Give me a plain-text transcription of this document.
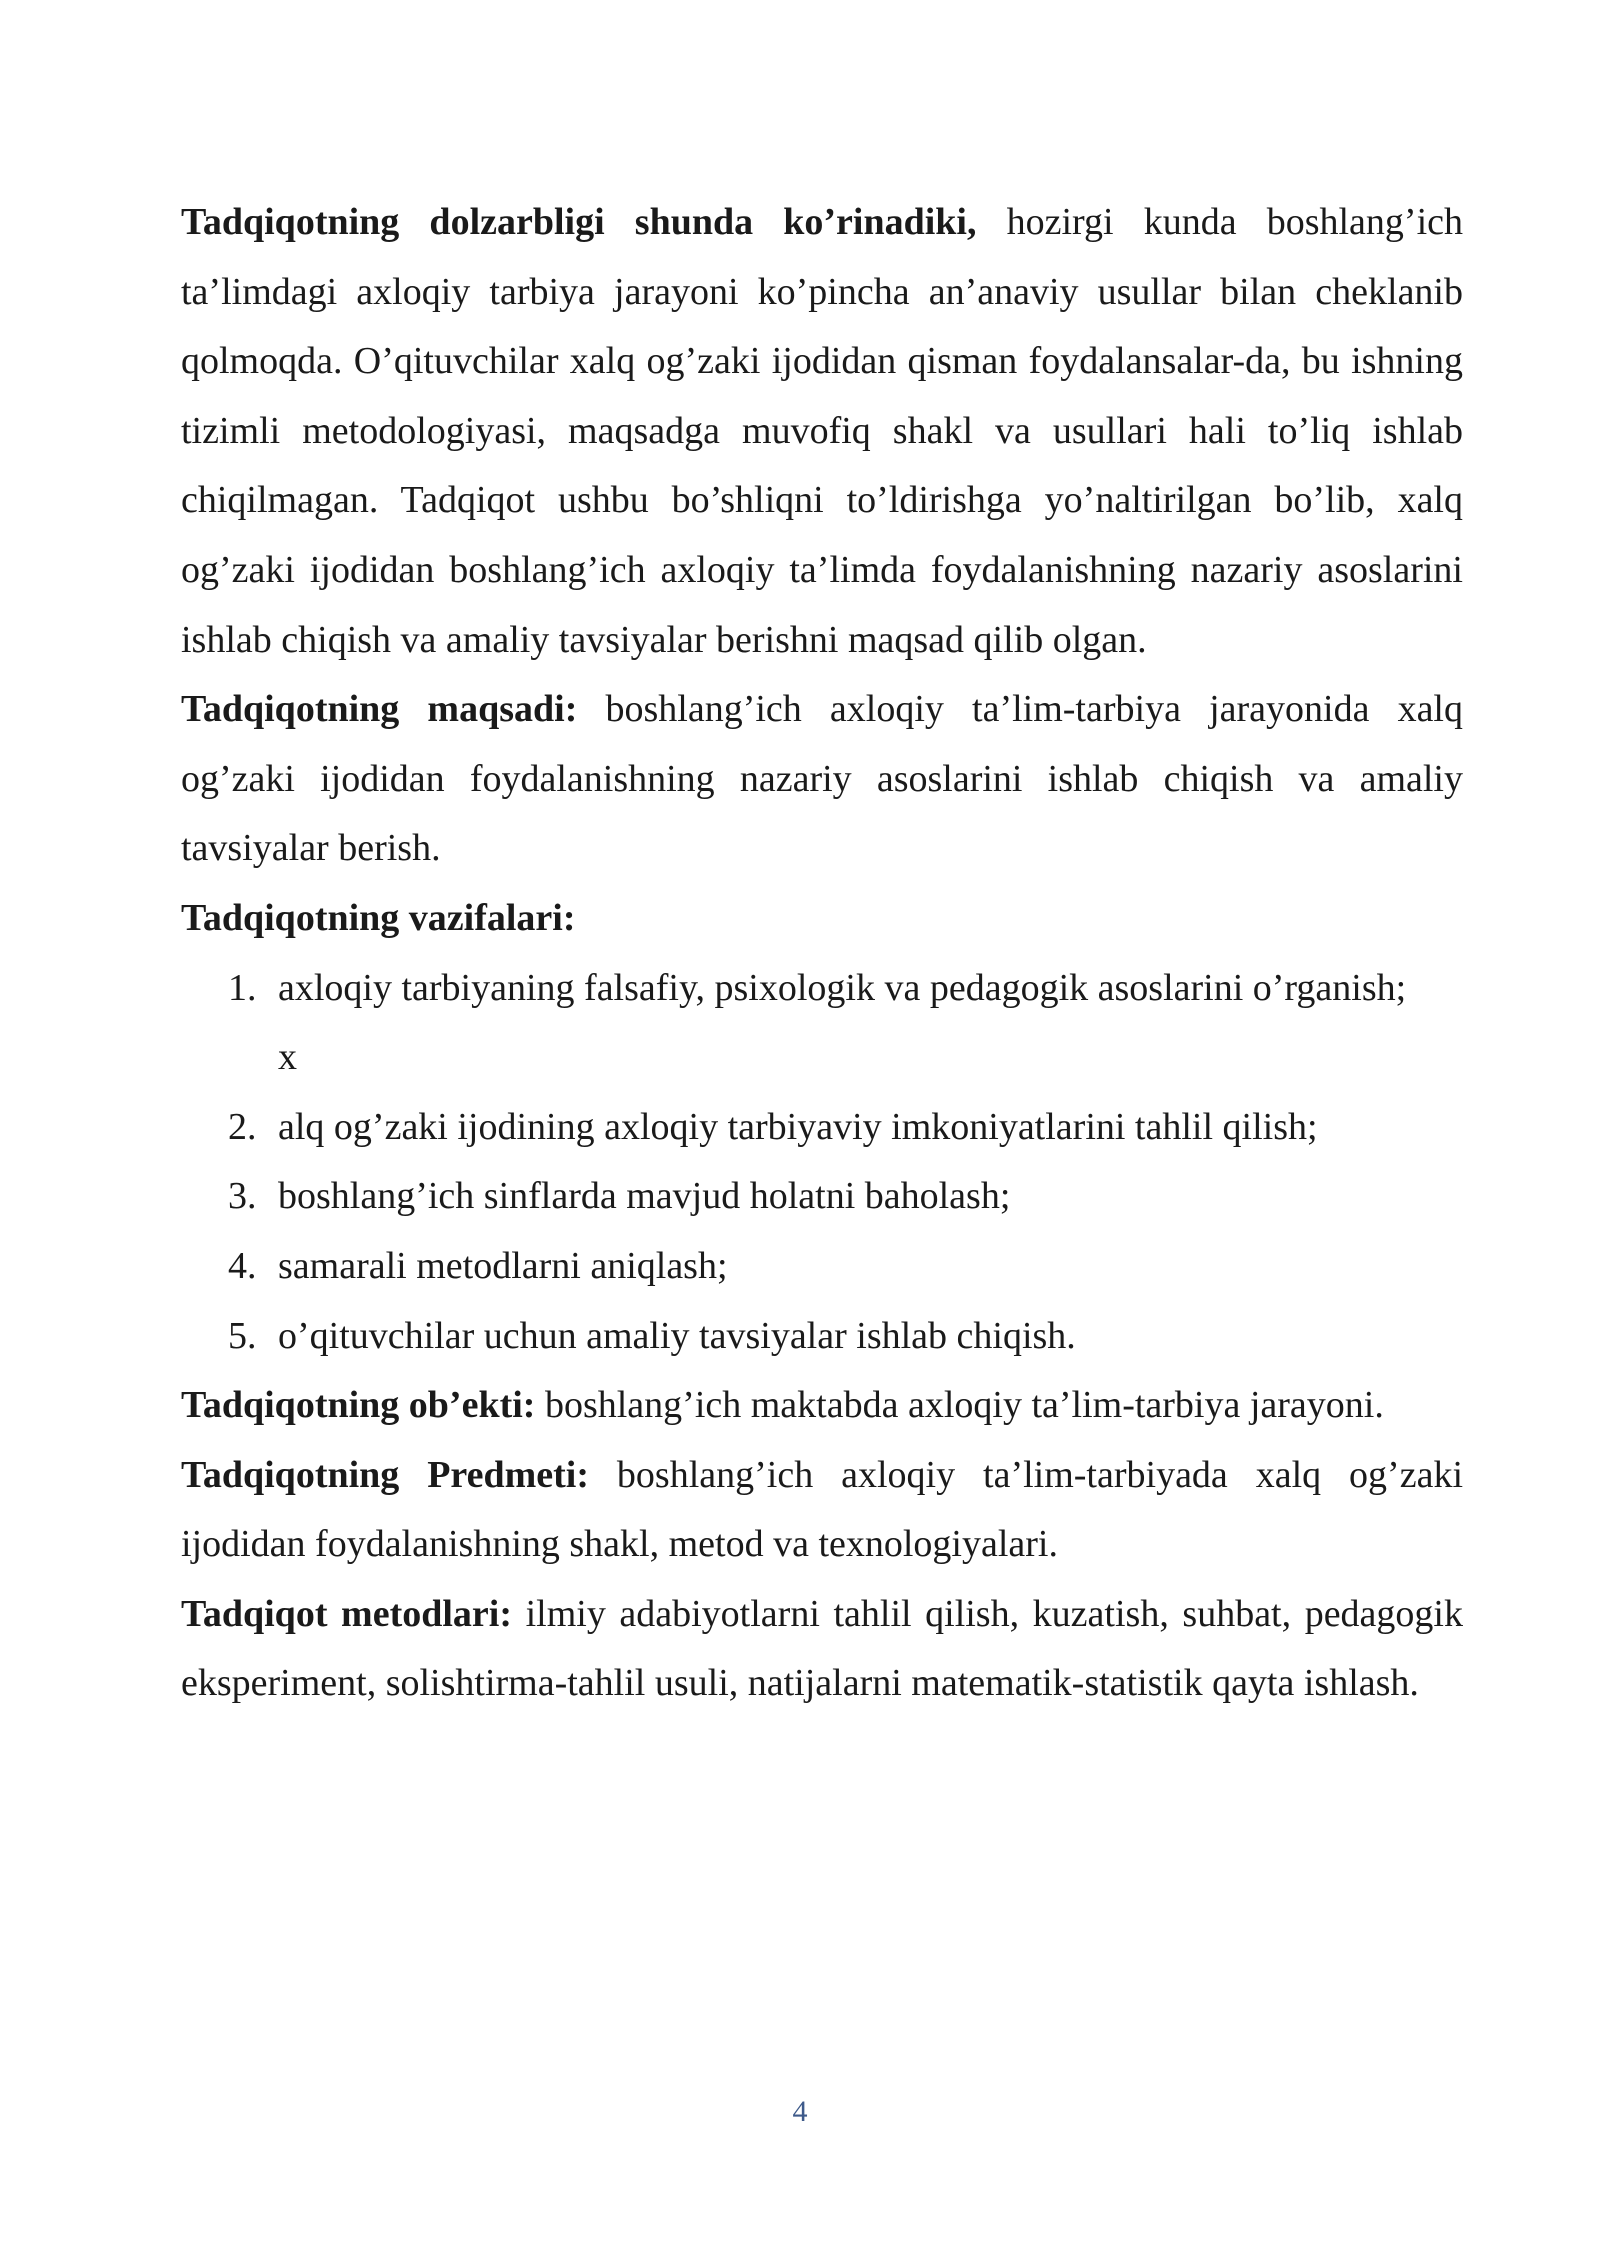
Tadqiqotning dolzarbligi shunda ko’rinadiki, hozirgi kunda boshlang’ich ta’limdagi axloqiy tarbiya jarayoni ko’pincha an’anaviy usullar bilan cheklanib qolmoqda. O’qituvchilar xalq og’zaki ijodidan qisman foydalansalar-da, bu ishning tizimli metodologiyasi, maqsadga muvofiq shakl va usullari hali to’liq ishlab chiqilmagan. Tadqiqot ushbu bo’shliqni to’ldirishga yo’naltirilgan bo’lib, xalq og’zaki ijodidan boshlang’ich axloqiy ta’limda foydalanishning nazariy asoslarini ishlab chiqish va amaliy tavsiyalar berishni maqsad qilib olgan.

Tadqiqotning maqsadi: boshlang’ich axloqiy ta’lim-tarbiya jarayonida xalq og’zaki ijodidan foydalanishning nazariy asoslarini ishlab chiqish va amaliy tavsiyalar berish.

Tadqiqotning vazifalari:

1. axloqiy tarbiyaning falsafiy, psixologik va pedagogik asoslarini o’rganish;
x
2. alq og’zaki ijodining axloqiy tarbiyaviy imkoniyatlarini tahlil qilish;
3. boshlang’ich sinflarda mavjud holatni baholash;
4. samarali metodlarni aniqlash;
5. o’qituvchilar uchun amaliy tavsiyalar ishlab chiqish.

Tadqiqotning ob’ekti: boshlang’ich maktabda axloqiy ta’lim-tarbiya jarayoni.

Tadqiqotning Predmeti: boshlang’ich axloqiy ta’lim-tarbiyada xalq og’zaki ijodidan foydalanishning shakl, metod va texnologiyalari.

Tadqiqot metodlari: ilmiy adabiyotlarni tahlil qilish, kuzatish, suhbat, pedagogik eksperiment, solishtirma-tahlil usuli, natijalarni matematik-statistik qayta ishlash.

4
